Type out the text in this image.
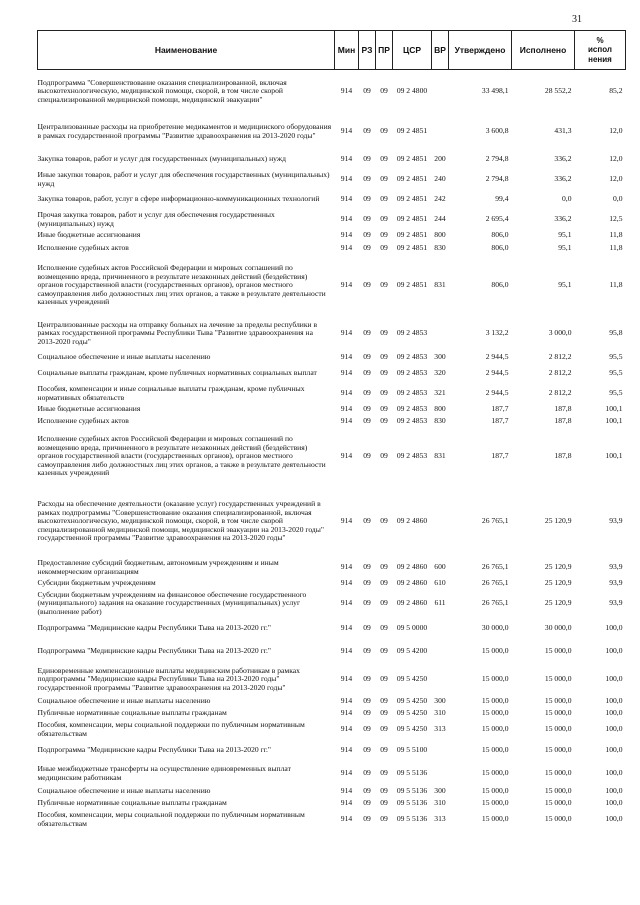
31
Наименование	Мин	РЗ	ПР	ЦСР	ВР	Утверждено	Исполнено	%
испол
нения

Подпрограмма "Совершенствование оказания специализированной, включая высокотехнологическую, медицинской помощи, скорой, в том числе скорой специализированной медицинской помощи, медицинской эвакуации"	914	09	09	09 2 4800		33 498,1	28 552,2	85,2
Централизованные расходы на приобретение медикаментов и медицинского оборудования в рамках государственной программы "Развитие здравоохранения на 2013-2020 годы"	914	09	09	09 2 4851		3 600,8	431,3	12,0
Закупка товаров, работ и услуг для государственных (муниципальных) нужд	914	09	09	09 2 4851	200	2 794,8	336,2	12,0
Иные закупки товаров, работ и услуг для обеспечения государственных (муниципальных) нужд	914	09	09	09 2 4851	240	2 794,8	336,2	12,0
Закупка товаров, работ, услуг в сфере информационно-коммуникационных технологий	914	09	09	09 2 4851	242	99,4	0,0	0,0
Прочая закупка товаров, работ и услуг для обеспечения государственных (муниципальных) нужд	914	09	09	09 2 4851	244	2 695,4	336,2	12,5
Иные бюджетные ассигнования	914	09	09	09 2 4851	800	806,0	95,1	11,8
Исполнение судебных актов	914	09	09	09 2 4851	830	806,0	95,1	11,8
Исполнение судебных актов Российской Федерации и мировых соглашений по возмещению вреда, причиненного в результате незаконных действий (бездействия) органов государственной власти (государственных органов), органов местного самоуправления либо должностных лиц этих органов, а также в результате деятельности казенных учреждений	914	09	09	09 2 4851	831	806,0	95,1	11,8
Централизованные расходы на отправку больных на лечение за пределы республики в рамках государственной программы Республики Тыва "Развитие здравоохранения на 2013-2020 годы"	914	09	09	09 2 4853		3 132,2	3 000,0	95,8
Социальное обеспечение и иные выплаты населению	914	09	09	09 2 4853	300	2 944,5	2 812,2	95,5
Социальные выплаты гражданам, кроме публичных нормативных социальных выплат	914	09	09	09 2 4853	320	2 944,5	2 812,2	95,5
Пособия, компенсации и иные социальные выплаты гражданам, кроме публичных нормативных обязательств	914	09	09	09 2 4853	321	2 944,5	2 812,2	95,5
Иные бюджетные ассигнования	914	09	09	09 2 4853	800	187,7	187,8	100,1
Исполнение судебных актов	914	09	09	09 2 4853	830	187,7	187,8	100,1
Исполнение судебных актов Российской Федерации и мировых соглашений по возмещению вреда, причиненного в результате незаконных действий (бездействия) органов государственной власти (государственных органов), органов местного самоуправления либо должностных лиц этих органов, а также в результате деятельности казенных учреждений	914	09	09	09 2 4853	831	187,7	187,8	100,1
Расходы на обеспечение деятельности (оказание услуг) государственных учреждений в рамках подпрограммы "Совершенствование оказания специализированной, включая высокотехнологическую, медицинской помощи, скорой, в том числе скорой специализированной медицинской помощи, медицинской эвакуации на 2013-2020 годы" государственной программы "Развитие здравоохранения на 2013-2020 годы"	914	09	09	09 2 4860		26 765,1	25 120,9	93,9
Предоставление субсидий бюджетным, автономным учреждениям и иным некоммерческим организациям	914	09	09	09 2 4860	600	26 765,1	25 120,9	93,9
Субсидии бюджетным учреждениям	914	09	09	09 2 4860	610	26 765,1	25 120,9	93,9
Субсидии бюджетным учреждениям на финансовое обеспечение государственного (муниципального) задания на оказание государственных (муниципальных) услуг (выполнение работ)	914	09	09	09 2 4860	611	26 765,1	25 120,9	93,9
Подпрограмма "Медицинские кадры Республики Тыва на 2013-2020 гг."	914	09	09	09 5 0000		30 000,0	30 000,0	100,0
Подпрограмма "Медицинские кадры Республики Тыва на 2013-2020 гг."	914	09	09	09 5 4200		15 000,0	15 000,0	100,0
Единовременные компенсационные выплаты медицинским работникам в рамках подпрограммы "Медицинские кадры Республики Тыва на 2013-2020 годы" государственной программы "Развитие здравоохранения на 2013-2020 годы"	914	09	09	09 5 4250		15 000,0	15 000,0	100,0
Социальное обеспечение и иные выплаты населению	914	09	09	09 5 4250	300	15 000,0	15 000,0	100,0
Публичные нормативные социальные выплаты гражданам	914	09	09	09 5 4250	310	15 000,0	15 000,0	100,0
Пособия, компенсации, меры социальной поддержки по публичным нормативным обязательствам	914	09	09	09 5 4250	313	15 000,0	15 000,0	100,0
Подпрограмма "Медицинские кадры Республики Тыва на 2013-2020 гг."	914	09	09	09 5 5100		15 000,0	15 000,0	100,0
Иные межбюджетные трансферты на осуществление единовременных выплат медицинским работникам	914	09	09	09 5 5136		15 000,0	15 000,0	100,0
Социальное обеспечение и иные выплаты населению	914	09	09	09 5 5136	300	15 000,0	15 000,0	100,0
Публичные нормативные социальные выплаты гражданам	914	09	09	09 5 5136	310	15 000,0	15 000,0	100,0
Пособия, компенсации, меры социальной поддержки по публичным нормативным обязательствам	914	09	09	09 5 5136	313	15 000,0	15 000,0	100,0
